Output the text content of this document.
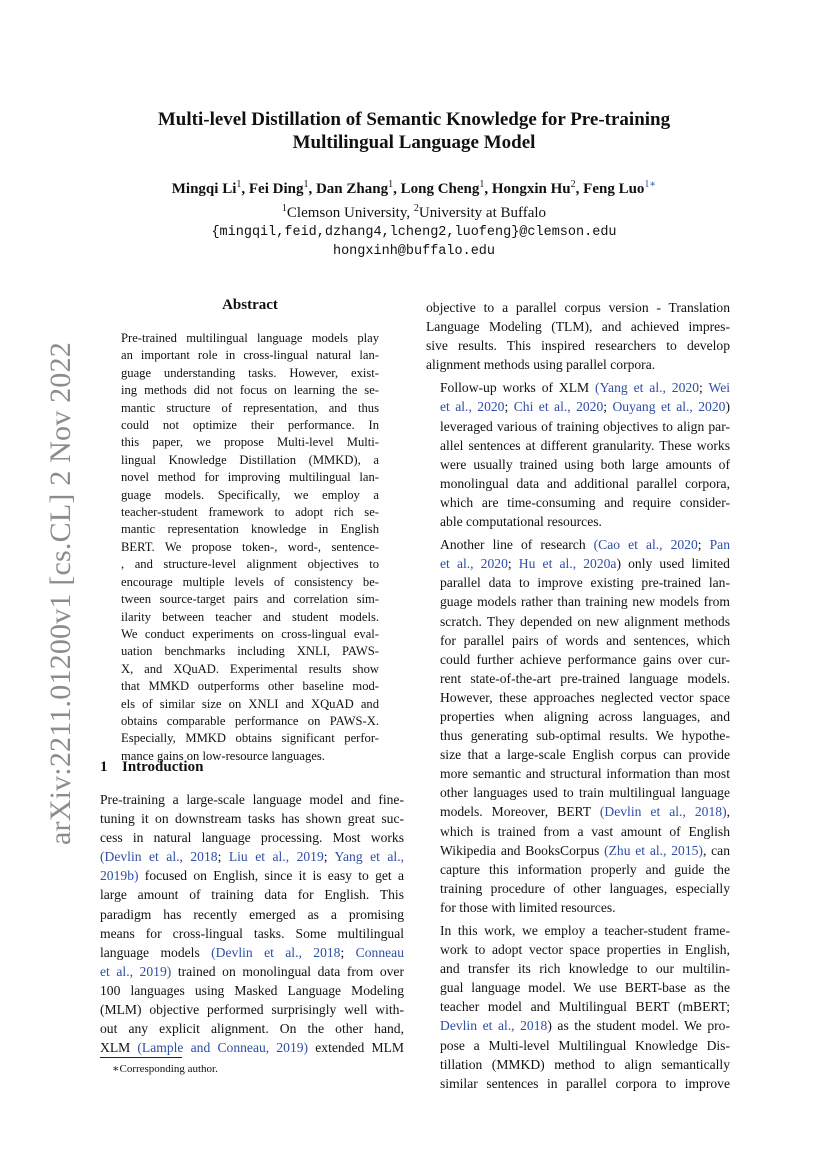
arXiv:2211.01200v1 [cs.CL] 2 Nov 2022
Multi-level Distillation of Semantic Knowledge for Pre-training
Multilingual Language Model
Mingqi Li$^1$, Fei Ding$^1$, Dan Zhang$^1$, Long Cheng$^1$, Hongxin Hu$^2$, Feng Luo$^{1∗}$
$^1$Clemson University, $^2$University at Buffalo
{mingqil,feid,dzhang4,lcheng2,luofeng}@clemson.edu
hongxinh@buffalo.edu
Abstract
Pre-trained multilingual language models play
an important role in cross-lingual natural lan-
guage understanding tasks. However, exist-
ing methods did not focus on learning the se-
mantic structure of representation, and thus
could not optimize their performance. In
this paper, we propose Multi-level Multi-
lingual Knowledge Distillation (MMKD), a
novel method for improving multilingual lan-
guage models. Specifically, we employ a
teacher-student framework to adopt rich se-
mantic representation knowledge in English
BERT. We propose token-, word-, sentence-
, and structure-level alignment objectives to
encourage multiple levels of consistency be-
tween source-target pairs and correlation sim-
ilarity between teacher and student models.
We conduct experiments on cross-lingual eval-
uation benchmarks including XNLI, PAWS-
X, and XQuAD. Experimental results show
that MMKD outperforms other baseline mod-
els of similar size on XNLI and XQuAD and
obtains comparable performance on PAWS-X.
Especially, MMKD obtains significant perfor-
mance gains on low-resource languages.
1 Introduction

Pre-training a large-scale language model and fine-
tuning it on downstream tasks has shown great suc-
cess in natural language processing. Most works
(Devlin et al., 2018; Liu et al., 2019; Yang et al.,
2019b) focused on English, since it is easy to get a
large amount of training data for English. This
paradigm has recently emerged as a promising
means for cross-lingual tasks. Some multilingual
language models (Devlin et al., 2018; Conneau
et al., 2019) trained on monolingual data from over
100 languages using Masked Language Modeling
(MLM) objective performed surprisingly well with-
out any explicit alignment. On the other hand,
XLM (Lample and Conneau, 2019) extended MLM

objective to a parallel corpus version - Translation
Language Modeling (TLM), and achieved impres-
sive results. This inspired researchers to develop
alignment methods using parallel corpora.

Follow-up works of XLM (Yang et al., 2020; Wei
et al., 2020; Chi et al., 2020; Ouyang et al., 2020)
leveraged various of training objectives to align par-
allel sentences at different granularity. These works
were usually trained using both large amounts of
monolingual data and additional parallel corpora,
which are time-consuming and require consider-
able computational resources.

Another line of research (Cao et al., 2020; Pan
et al., 2020; Hu et al., 2020a) only used limited
parallel data to improve existing pre-trained lan-
guage models rather than training new models from
scratch. They depended on new alignment methods
for parallel pairs of words and sentences, which
could further achieve performance gains over cur-
rent state-of-the-art pre-trained language models.
However, these approaches neglected vector space
properties when aligning across languages, and
thus generating sub-optimal results. We hypothe-
size that a large-scale English corpus can provide
more semantic and structural information than most
other languages used to train multilingual language
models. Moreover, BERT (Devlin et al., 2018),
which is trained from a vast amount of English
Wikipedia and BooksCorpus (Zhu et al., 2015), can
capture this information properly and guide the
training procedure of other languages, especially
for those with limited resources.

In this work, we employ a teacher-student frame-
work to adopt vector space properties in English,
and transfer its rich knowledge to our multilin-
gual language model. We use BERT-base as the
teacher model and Multilingual BERT (mBERT;
Devlin et al., 2018) as the student model. We pro-
pose a Multi-level Multilingual Knowledge Dis-
tillation (MMKD) method to align semantically
similar sentences in parallel corpora to improve

∗Corresponding author.
